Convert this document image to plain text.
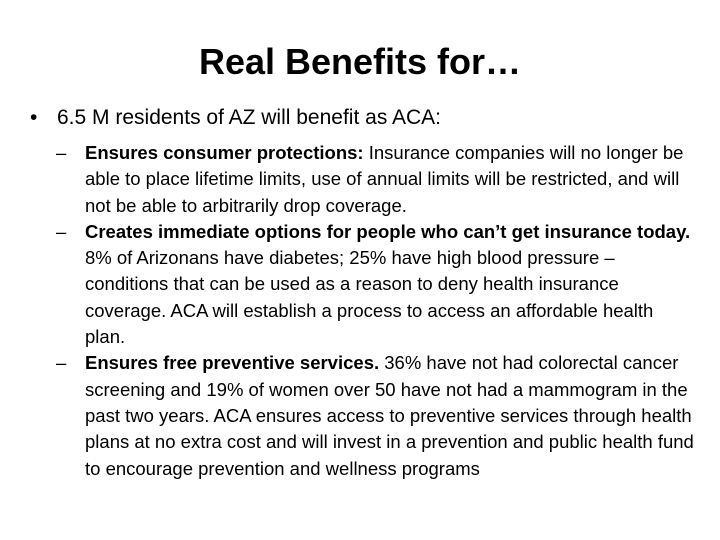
Real Benefits for…
• 6.5 M residents of AZ will benefit as ACA:
– Ensures consumer protections: Insurance companies will no longer be able to place lifetime limits, use of annual limits will be restricted, and will not be able to arbitrarily drop coverage.
– Creates immediate options for people who can’t get insurance today. 8% of Arizonans have diabetes; 25% have high blood pressure – conditions that can be used as a reason to deny health insurance coverage. ACA will establish a process to access an affordable health plan.
– Ensures free preventive services. 36% have not had colorectal cancer screening and 19% of women over 50 have not had a mammogram in the past two years. ACA ensures access to preventive services through health plans at no extra cost and will invest in a prevention and public health fund to encourage prevention and wellness programs
